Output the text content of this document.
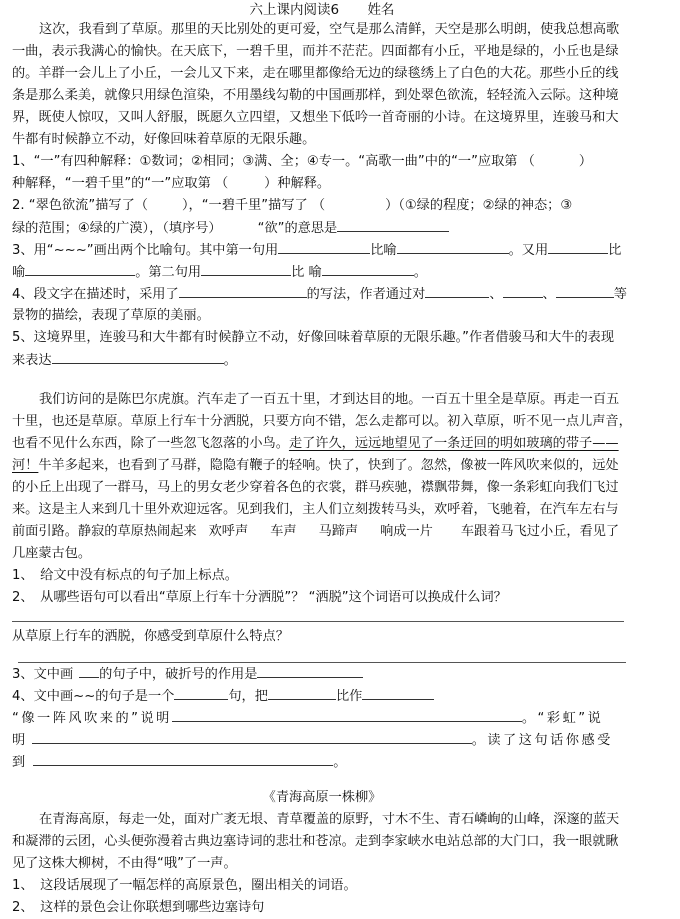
六上课内阅读6 姓名
这次，我看到了草原。那里的天比别处的更可爱，空气是那么清鲜，天空是那么明朗，使我总想高歌
一曲，表示我满心的愉快。在天底下，一碧千里，而并不茫茫。四面都有小丘，平地是绿的，小丘也是绿
的。羊群一会儿上了小丘，一会儿又下来，走在哪里都像给无边的绿毯绣上了白色的大花。那些小丘的线
条是那么柔美，就像只用绿色渲染，不用墨线勾勒的中国画那样，到处翠色欲流，轻轻流入云际。这种境
界，既使人惊叹，又叫人舒服，既愿久立四望，又想坐下低吟一首奇丽的小诗。在这境界里，连骏马和大
牛都有时候静立不动，好像回味着草原的无限乐趣。
1、“一”有四种解释：①数词；②相同；③满、全；④专一。“高歌一曲”中的“一”应取第 （	）
种解释，“一碧千里”的“一”应取第 （	）种解释。
2. “翠色欲流”描写了（	），“一碧千里”描写了 （	）（①绿的程度；②绿的神态；③
绿的范围；④绿的广漠），（填序号）	“欲”的意思是
3、用“~~~”画出两个比喻句。其中第一句用	比喻	。又用	比
喻	。第二句用	比 喻	。
4、段文字在描述时，采用了	的写法，作者通过对	、	、	等
景物的描绘，表现了草原的美丽。
5、这境界里，连骏马和大牛都有时候静立不动，好像回味着草原的无限乐趣。”作者借骏马和大牛的表现
来表达	。
我们访问的是陈巴尔虎旗。汽车走了一百五十里，才到达目的地。一百五十里全是草原。再走一百五
十里，也还是草原。草原上行车十分洒脱，只要方向不错，怎么走都可以。初入草原，听不见一点儿声音，
也看不见什么东西，除了一些忽飞忽落的小鸟。走了许久，远远地望见了一条迂回的明如玻璃的带子——
河！牛羊多起来，也看到了马群，隐隐有鞭子的轻响。快了，快到了。忽然，像被一阵风吹来似的，远处
的小丘上出现了一群马，马上的男女老少穿着各色的衣裳，群马疾驰，襟飘带舞，像一条彩虹向我们飞过
来。这是主人来到几十里外欢迎远客。见到我们，主人们立刻拨转马头，欢呼着，飞驰着，在汽车左右与
前面引路。静寂的草原热闹起来 欢呼声 车声 马蹄声 响成一片 车跟着马飞过小丘，看见了
几座蒙古包。
1、　给文中没有标点的句子加上标点。
2、　从哪些语句可以看出“草原上行车十分洒脱”？ “洒脱”这个词语可以换成什么词？
从草原上行车的洒脱，你感受到草原什么特点？
3、文中画 的句子中，破折号的作用是
4、文中画~~的句子是一个	句，把	比作
“像一阵风吹来的”说明	。“彩虹”说
明	。读了这句话你感受
到	。
《青海高原一株柳》
在青海高原，每走一处，面对广袤无垠、青草覆盖的原野，寸木不生、青石嶙峋的山峰，深邃的蓝天
和凝滞的云团，心头便弥漫着古典边塞诗词的悲壮和苍凉。走到李家峡水电站总部的大门口，我一眼就瞅
见了这株大柳树，不由得“哦”了一声。
1、　这段话展现了一幅怎样的高原景色，圈出相关的词语。
2、　这样的景色会让你联想到哪些边塞诗句
